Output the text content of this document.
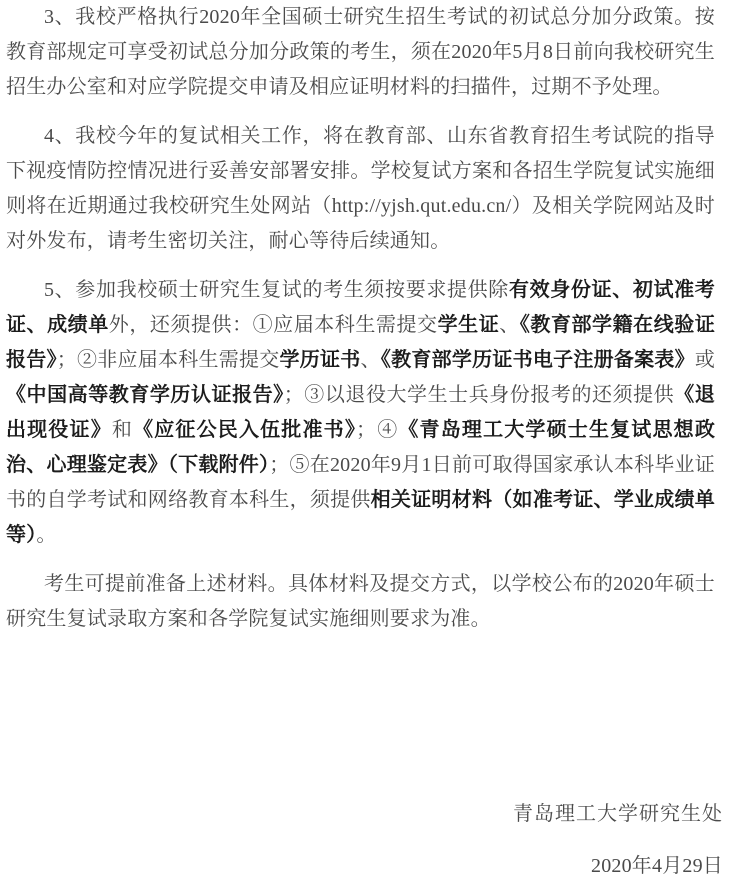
3、我校严格执行2020年全国硕士研究生招生考试的初试总分加分政策。按教育部规定可享受初试总分加分政策的考生，须在2020年5月8日前向我校研究生招生办公室和对应学院提交申请及相应证明材料的扫描件，过期不予处理。

4、我校今年的复试相关工作，将在教育部、山东省教育招生考试院的指导下视疫情防控情况进行妥善安部署安排。学校复试方案和各招生学院复试实施细则将在近期通过我校研究生处网站（http://yjsh.qut.edu.cn/）及相关学院网站及时对外发布，请考生密切关注，耐心等待后续通知。

5、参加我校硕士研究生复试的考生须按要求提供除有效身份证、初试准考证、成绩单外，还须提供：①应届本科生需提交学生证、《教育部学籍在线验证报告》；②非应届本科生需提交学历证书、《教育部学历证书电子注册备案表》或《中国高等教育学历认证报告》；③以退役大学生士兵身份报考的还须提供《退出现役证》和《应征公民入伍批准书》；④《青岛理工大学硕士生复试思想政治、心理鉴定表》（下载附件）；⑤在2020年9月1日前可取得国家承认本科毕业证书的自学考试和网络教育本科生，须提供相关证明材料（如准考证、学业成绩单等）。

考生可提前准备上述材料。具体材料及提交方式，以学校公布的2020年硕士研究生复试录取方案和各学院复试实施细则要求为准。

青岛理工大学研究生处
2020年4月29日
